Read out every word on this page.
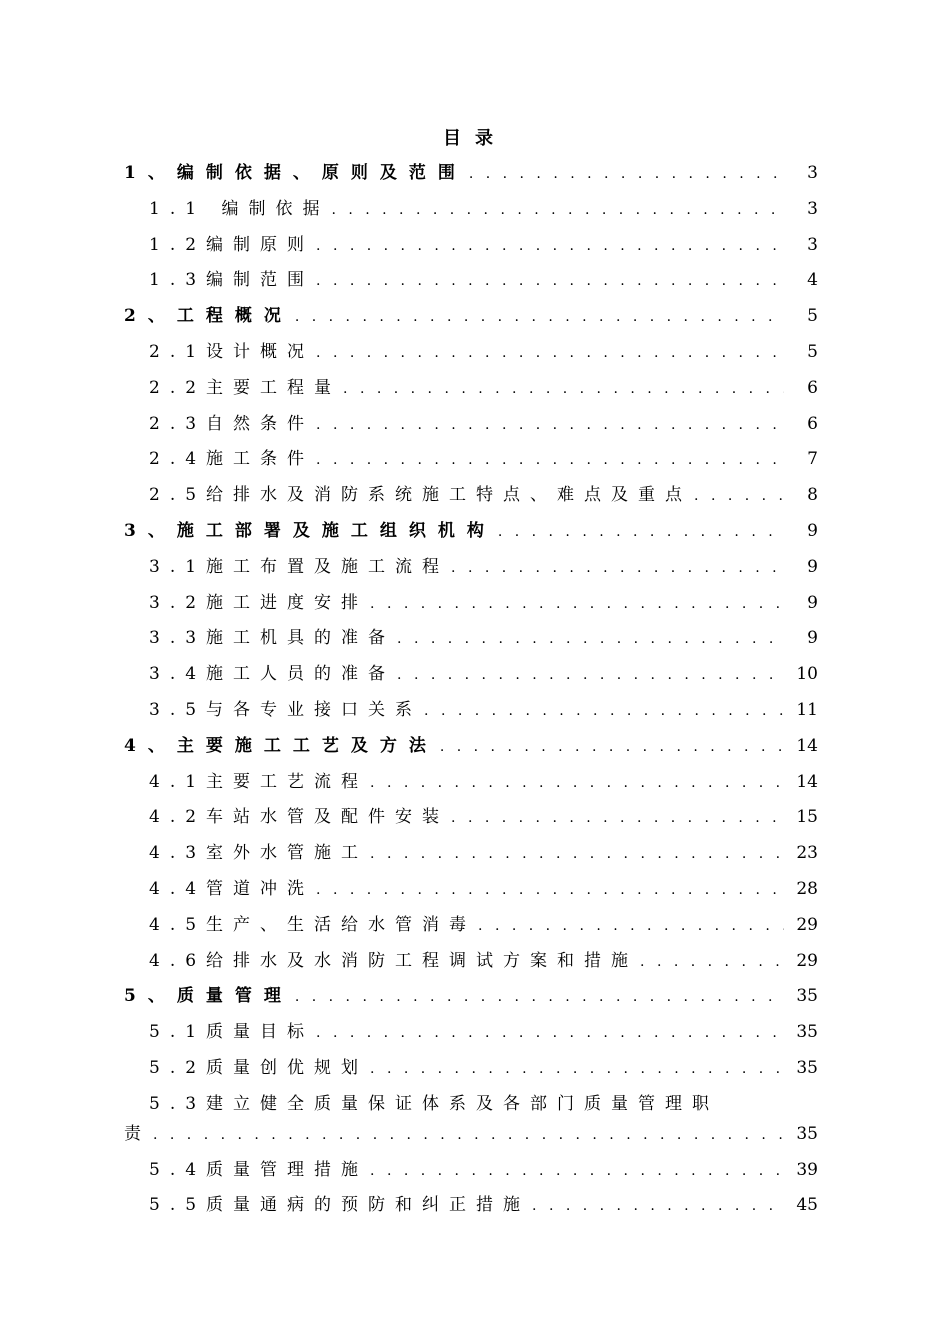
目录
1、编制依据、原则及范围 . . .	3
1.1 编制依据 . . .	3
1.2编制原则 . . .	3
1.3编制范围 . . .	4
2、工程概况 . . .	5
2.1设计概况 . . .	5
2.2主要工程量 . . .	6
2.3自然条件 . . .	6
2.4施工条件 . . .	7
2.5给排水及消防系统施工特点、难点及重点 . . .	8
3、施工部署及施工组织机构 . . .	9
3.1施工布置及施工流程 . . .	9
3.2施工进度安排 . . .	9
3.3施工机具的准备 . . .	9
3.4施工人员的准备 . . .	10
3.5与各专业接口关系 . . .	11
4、主要施工工艺及方法 . . .	14
4.1主要工艺流程 . . .	14
4.2车站水管及配件安装 . . .	15
4.3室外水管施工 . . .	23
4.4管道冲洗 . . .	28
4.5生产、生活给水管消毒 . . .	29
4.6给排水及水消防工程调试方案和措施 . . .	29
5、质量管理 . . .	35
5.1质量目标 . . .	35
5.2质量创优规划 . . .	35
5.3建立健全质量保证体系及各部门质量管理职
责 . . .	35
5.4质量管理措施 . . .	39
5.5质量通病的预防和纠正措施 . . .	45
